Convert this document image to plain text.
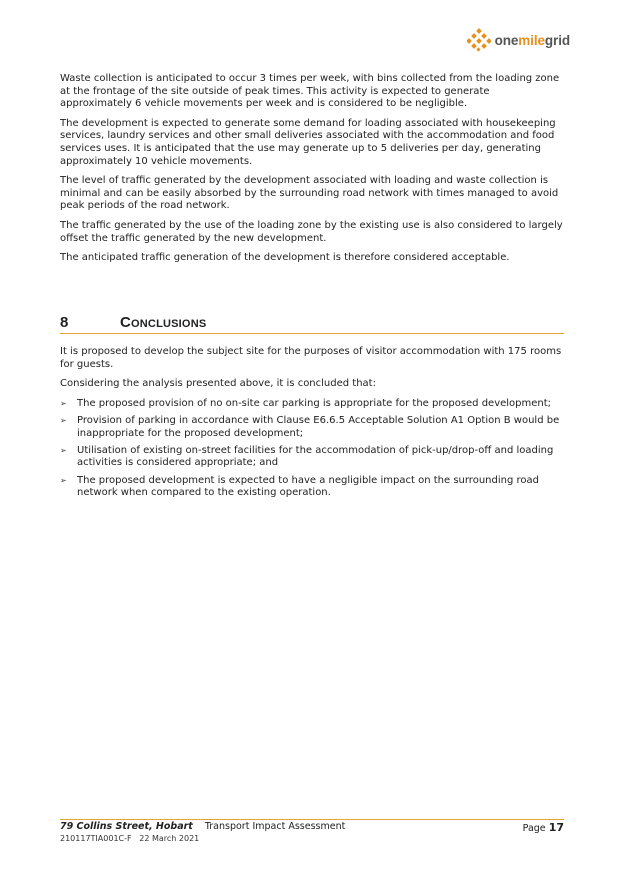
onemilegrid

Waste collection is anticipated to occur 3 times per week, with bins collected from the loading zone at the frontage of the site outside of peak times. This activity is expected to generate approximately 6 vehicle movements per week and is considered to be negligible.

The development is expected to generate some demand for loading associated with housekeeping services, laundry services and other small deliveries associated with the accommodation and food services uses. It is anticipated that the use may generate up to 5 deliveries per day, generating approximately 10 vehicle movements.

The level of traffic generated by the development associated with loading and waste collection is minimal and can be easily absorbed by the surrounding road network with times managed to avoid peak periods of the road network.

The traffic generated by the use of the loading zone by the existing use is also considered to largely offset the traffic generated by the new development.

The anticipated traffic generation of the development is therefore considered acceptable.

8	Conclusions

It is proposed to develop the subject site for the purposes of visitor accommodation with 175 rooms for guests.

Considering the analysis presented above, it is concluded that:

➢ The proposed provision of no on-site car parking is appropriate for the proposed development;
➢ Provision of parking in accordance with Clause E6.6.5 Acceptable Solution A1 Option B would be inappropriate for the proposed development;
➢ Utilisation of existing on-street facilities for the accommodation of pick-up/drop-off and loading activities is considered appropriate; and
➢ The proposed development is expected to have a negligible impact on the surrounding road network when compared to the existing operation.
79 Collins Street, Hobart Transport Impact Assessment
210117TIA001C-F 22 March 2021
Page 17
